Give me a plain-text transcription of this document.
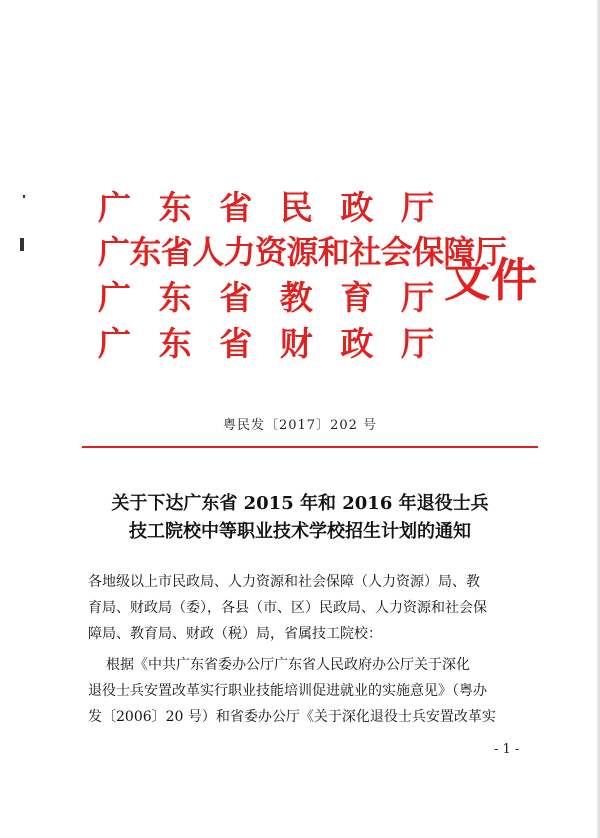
广 东 省 民 政 厅
广东省人力资源和社会保障厅
广 东 省 教 育 厅
广 东 省 财 政 厅
文件
粤民发〔2017〕202 号
关于下达广东省 2015 年和 2016 年退役士兵
技工院校中等职业技术学校招生计划的通知
各地级以上市民政局、人力资源和社会保障（人力资源）局、教
育局、财政局（委），各县（市、区）民政局、人力资源和社会保
障局、教育局、财政（税）局，省属技工院校：
根据《中共广东省委办公厅广东省人民政府办公厅关于深化
退役士兵安置改革实行职业技能培训促进就业的实施意见》（粤办
发〔2006〕20 号）和省委办公厅《关于深化退役士兵安置改革实
- 1 -
